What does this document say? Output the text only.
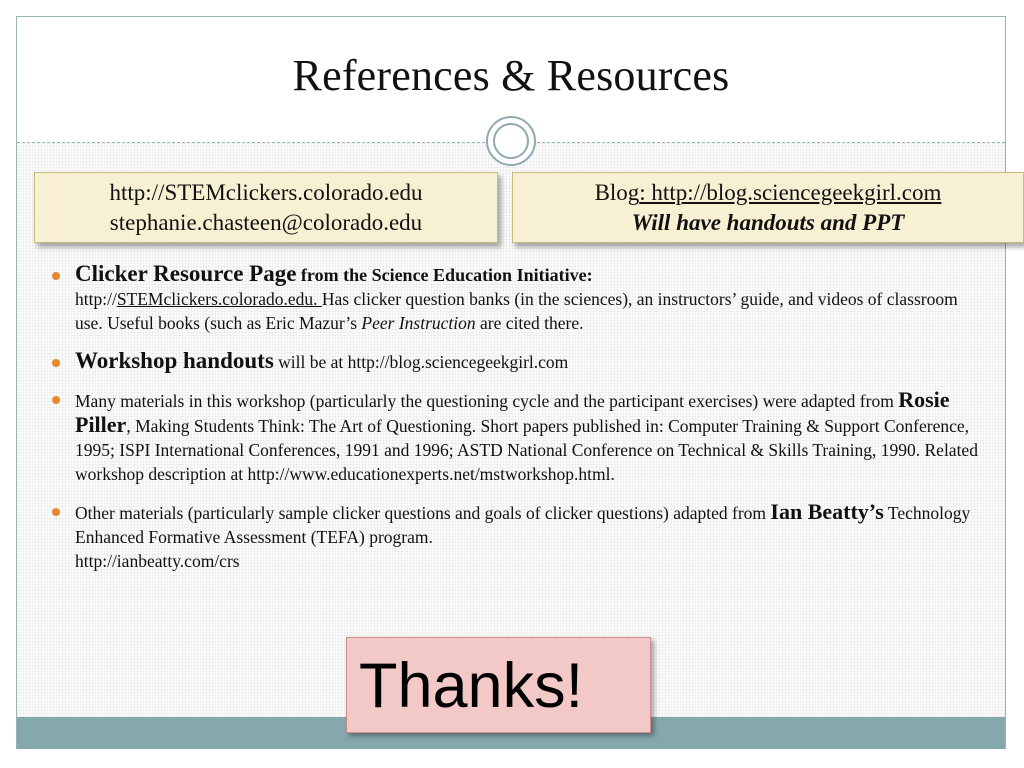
References & Resources
http://STEMclickers.colorado.edu
stephanie.chasteen@colorado.edu
Blog: http://blog.sciencegeekgirl.com
Will have handouts and PPT
Clicker Resource Page from the Science Education Initiative:
http://STEMclickers.colorado.edu. Has clicker question banks (in the sciences), an instructors’ guide, and videos of classroom use. Useful books (such as Eric Mazur’s Peer Instruction are cited there.
Workshop handouts will be at http://blog.sciencegeekgirl.com
Many materials in this workshop (particularly the questioning cycle and the participant exercises) were adapted from Rosie Piller, Making Students Think: The Art of Questioning. Short papers published in: Computer Training & Support Conference, 1995; ISPI International Conferences, 1991 and 1996; ASTD National Conference on Technical & Skills Training, 1990. Related workshop description at http://www.educationexperts.net/mstworkshop.html.
Other materials (particularly sample clicker questions and goals of clicker questions) adapted from Ian Beatty’s Technology Enhanced Formative Assessment (TEFA) program.
http://ianbeatty.com/crs
Thanks!
